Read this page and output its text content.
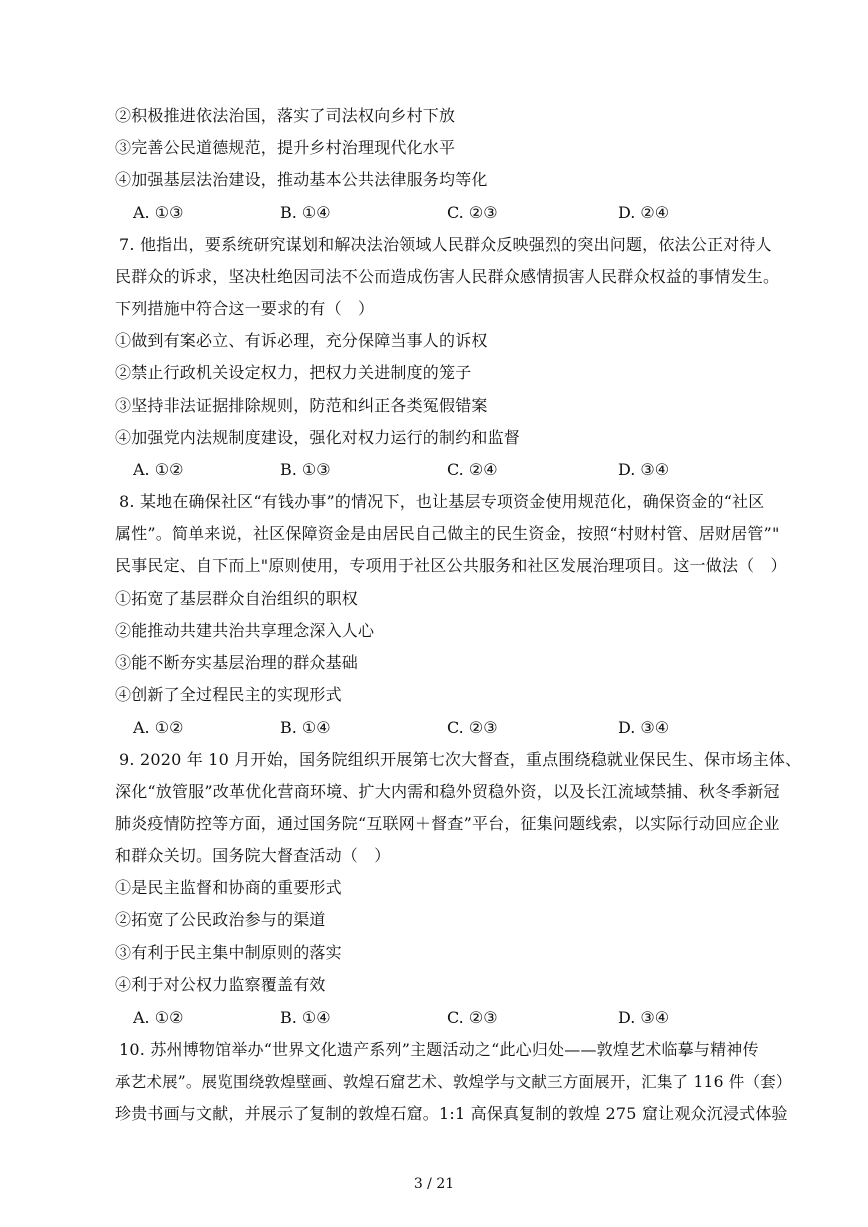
②积极推进依法治国，落实了司法权向乡村下放
③完善公民道德规范，提升乡村治理现代化水平
④加强基层法治建设，推动基本公共法律服务均等化
A. ①③	B. ①④	C. ②③	D. ②④
7. 他指出，要系统研究谋划和解决法治领域人民群众反映强烈的突出问题，依法公正对待人
民群众的诉求，坚决杜绝因司法不公而造成伤害人民群众感情损害人民群众权益的事情发生。
下列措施中符合这一要求的有（　）
①做到有案必立、有诉必理，充分保障当事人的诉权
②禁止行政机关设定权力，把权力关进制度的笼子
③坚持非法证据排除规则，防范和纠正各类冤假错案
④加强党内法规制度建设，强化对权力运行的制约和监督
A. ①②	B. ①③	C. ②④	D. ③④
8. 某地在确保社区“有钱办事”的情况下，也让基层专项资金使用规范化，确保资金的“社区
属性”。简单来说，社区保障资金是由居民自己做主的民生资金，按照“村财村管、居财居管”"
民事民定、自下而上"原则使用，专项用于社区公共服务和社区发展治理项目。这一做法（　）
①拓宽了基层群众自治组织的职权
②能推动共建共治共享理念深入人心
③能不断夯实基层治理的群众基础
④创新了全过程民主的实现形式
A. ①②	B. ①④	C. ②③	D. ③④
9. 2020 年 10 月开始，国务院组织开展第七次大督查，重点围绕稳就业保民生、保市场主体、
深化“放管服”改革优化营商环境、扩大内需和稳外贸稳外资，以及长江流域禁捕、秋冬季新冠
肺炎疫情防控等方面，通过国务院“互联网＋督查”平台，征集问题线索，以实际行动回应企业
和群众关切。国务院大督查活动（　）
①是民主监督和协商的重要形式
②拓宽了公民政治参与的渠道
③有利于民主集中制原则的落实
④利于对公权力监察覆盖有效
A. ①②	B. ①④	C. ②③	D. ③④
10. 苏州博物馆举办“世界文化遗产系列”主题活动之“此心归处——敦煌艺术临摹与精神传
承艺术展”。展览围绕敦煌壁画、敦煌石窟艺术、敦煌学与文献三方面展开，汇集了 116 件（套）
珍贵书画与文献，并展示了复制的敦煌石窟。1:1 高保真复制的敦煌 275 窟让观众沉浸式体验
3 / 21
